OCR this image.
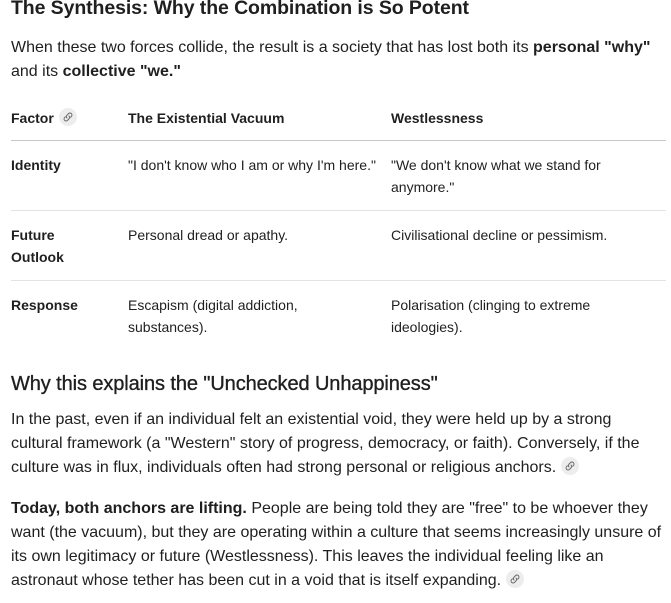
The Synthesis: Why the Combination is So Potent

When these two forces collide, the result is a society that has lost both its personal "why" and its collective "we."

Factor	The Existential Vacuum	Westlessness
Identity	"I don't know who I am or why I'm here."	"We don't know what we stand for anymore."
Future Outlook	Personal dread or apathy.	Civilisational decline or pessimism.
Response	Escapism (digital addiction, substances).	Polarisation (clinging to extreme ideologies).
Why this explains the "Unchecked Unhappiness"

In the past, even if an individual felt an existential void, they were held up by a strong cultural framework (a "Western" story of progress, democracy, or faith). Conversely, if the culture was in flux, individuals often had strong personal or religious anchors.

Today, both anchors are lifting. People are being told they are "free" to be whoever they want (the vacuum), but they are operating within a culture that seems increasingly unsure of its own legitimacy or future (Westlessness). This leaves the individual feeling like an astronaut whose tether has been cut in a void that is itself expanding.
